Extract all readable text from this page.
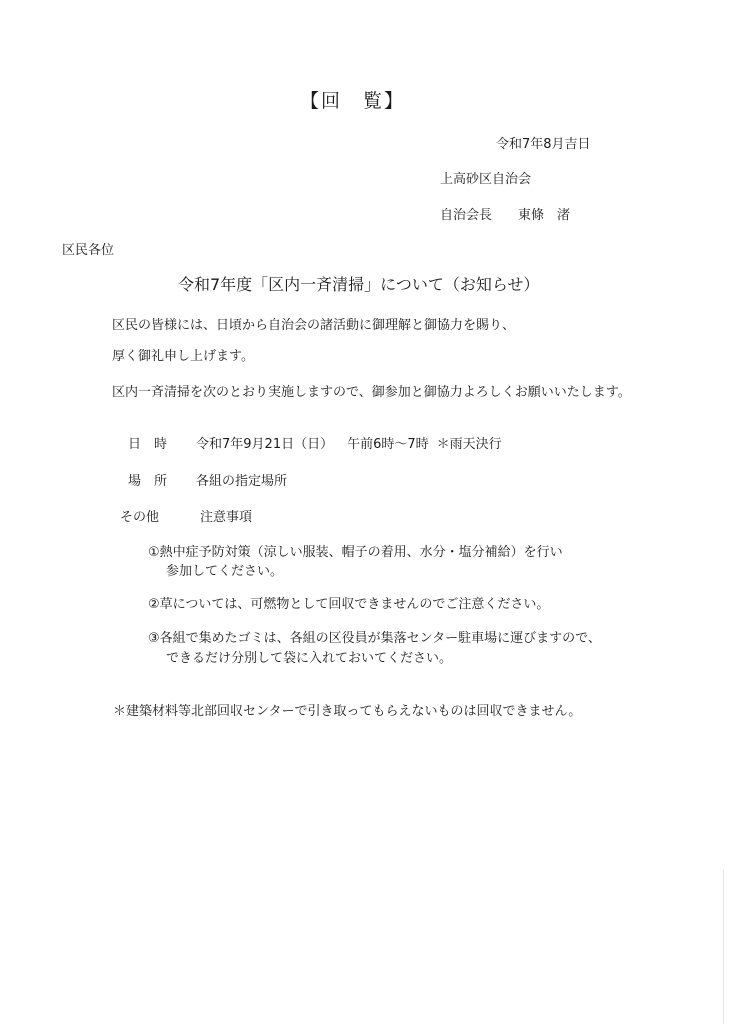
【回　覧】
令和7年8月吉日
上高砂区自治会
自治会長 東條　渚
区民各位
令和7年度「区内一斉清掃」について（お知らせ）
区民の皆様には、日頃から自治会の諸活動に御理解と御協力を賜り、
厚く御礼申し上げます。
区内一斉清掃を次のとおり実施しますので、御参加と御協力よろしくお願いいたします。
日　時 令和7年9月21日（日） 午前6時～7時 ＊雨天決行
場　所 各組の指定場所
その他	注意事項
①熱中症予防対策（涼しい服装、帽子の着用、水分・塩分補給）を行い
参加してください。
②草については、可燃物として回収できませんのでご注意ください。
③各組で集めたゴミは、各組の区役員が集落センター駐車場に運びますので、
できるだけ分別して袋に入れておいてください。
＊建築材料等北部回収センターで引き取ってもらえないものは回収できません。
